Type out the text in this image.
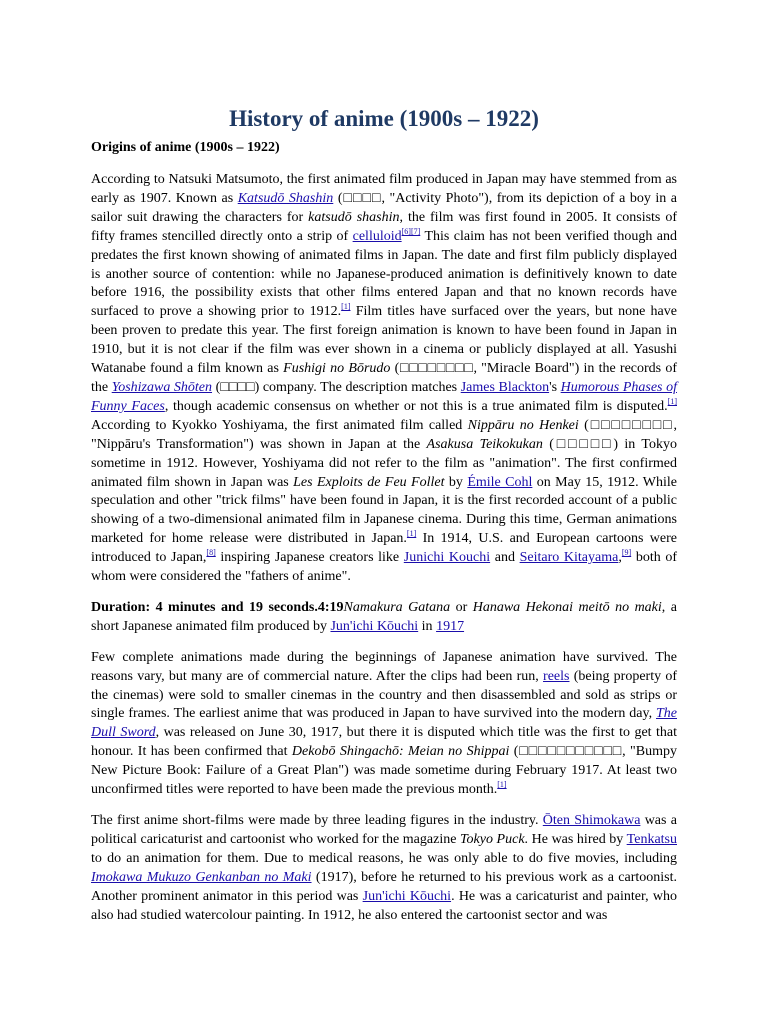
History of anime (1900s – 1922)
Origins of anime (1900s – 1922)

According to Natsuki Matsumoto, the first animated film produced in Japan may have stemmed from as early as 1907. Known as Katsudō Shashin (□□□□, "Activity Photo"), from its depiction of a boy in a sailor suit drawing the characters for katsudō shashin, the film was first found in 2005. It consists of fifty frames stencilled directly onto a strip of celluloid[6][7] This claim has not been verified though and predates the first known showing of animated films in Japan. The date and first film publicly displayed is another source of contention: while no Japanese-produced animation is definitively known to date before 1916, the possibility exists that other films entered Japan and that no known records have surfaced to prove a showing prior to 1912.[1] Film titles have surfaced over the years, but none have been proven to predate this year. The first foreign animation is known to have been found in Japan in 1910, but it is not clear if the film was ever shown in a cinema or publicly displayed at all. Yasushi Watanabe found a film known as Fushigi no Bōrudo (□□□□□□□□, "Miracle Board") in the records of the Yoshizawa Shōten (□□□□) company. The description matches James Blackton's Humorous Phases of Funny Faces, though academic consensus on whether or not this is a true animated film is disputed.[1] According to Kyokko Yoshiyama, the first animated film called Nippāru no Henkei (□□□□□□□□, "Nippāru's Transformation") was shown in Japan at the Asakusa Teikokukan (□□□□□) in Tokyo sometime in 1912. However, Yoshiyama did not refer to the film as "animation". The first confirmed animated film shown in Japan was Les Exploits de Feu Follet by Émile Cohl on May 15, 1912. While speculation and other "trick films" have been found in Japan, it is the first recorded account of a public showing of a two-dimensional animated film in Japanese cinema. During this time, German animations marketed for home release were distributed in Japan.[1] In 1914, U.S. and European cartoons were introduced to Japan,[8] inspiring Japanese creators like Junichi Kouchi and Seitaro Kitayama,[9] both of whom were considered the "fathers of anime".

Duration: 4 minutes and 19 seconds.4:19Namakura Gatana or Hanawa Hekonai meitō no maki, a short Japanese animated film produced by Jun'ichi Kōuchi in 1917

Few complete animations made during the beginnings of Japanese animation have survived. The reasons vary, but many are of commercial nature. After the clips had been run, reels (being property of the cinemas) were sold to smaller cinemas in the country and then disassembled and sold as strips or single frames. The earliest anime that was produced in Japan to have survived into the modern day, The Dull Sword, was released on June 30, 1917, but there it is disputed which title was the first to get that honour. It has been confirmed that Dekobō Shingachō: Meian no Shippai (□□□□□□□□□□□, "Bumpy New Picture Book: Failure of a Great Plan") was made sometime during February 1917. At least two unconfirmed titles were reported to have been made the previous month.[1]

The first anime short-films were made by three leading figures in the industry. Ōten Shimokawa was a political caricaturist and cartoonist who worked for the magazine Tokyo Puck. He was hired by Tenkatsu to do an animation for them. Due to medical reasons, he was only able to do five movies, including Imokawa Mukuzo Genkanban no Maki (1917), before he returned to his previous work as a cartoonist. Another prominent animator in this period was Jun'ichi Kōuchi. He was a caricaturist and painter, who also had studied watercolour painting. In 1912, he also entered the cartoonist sector and was
